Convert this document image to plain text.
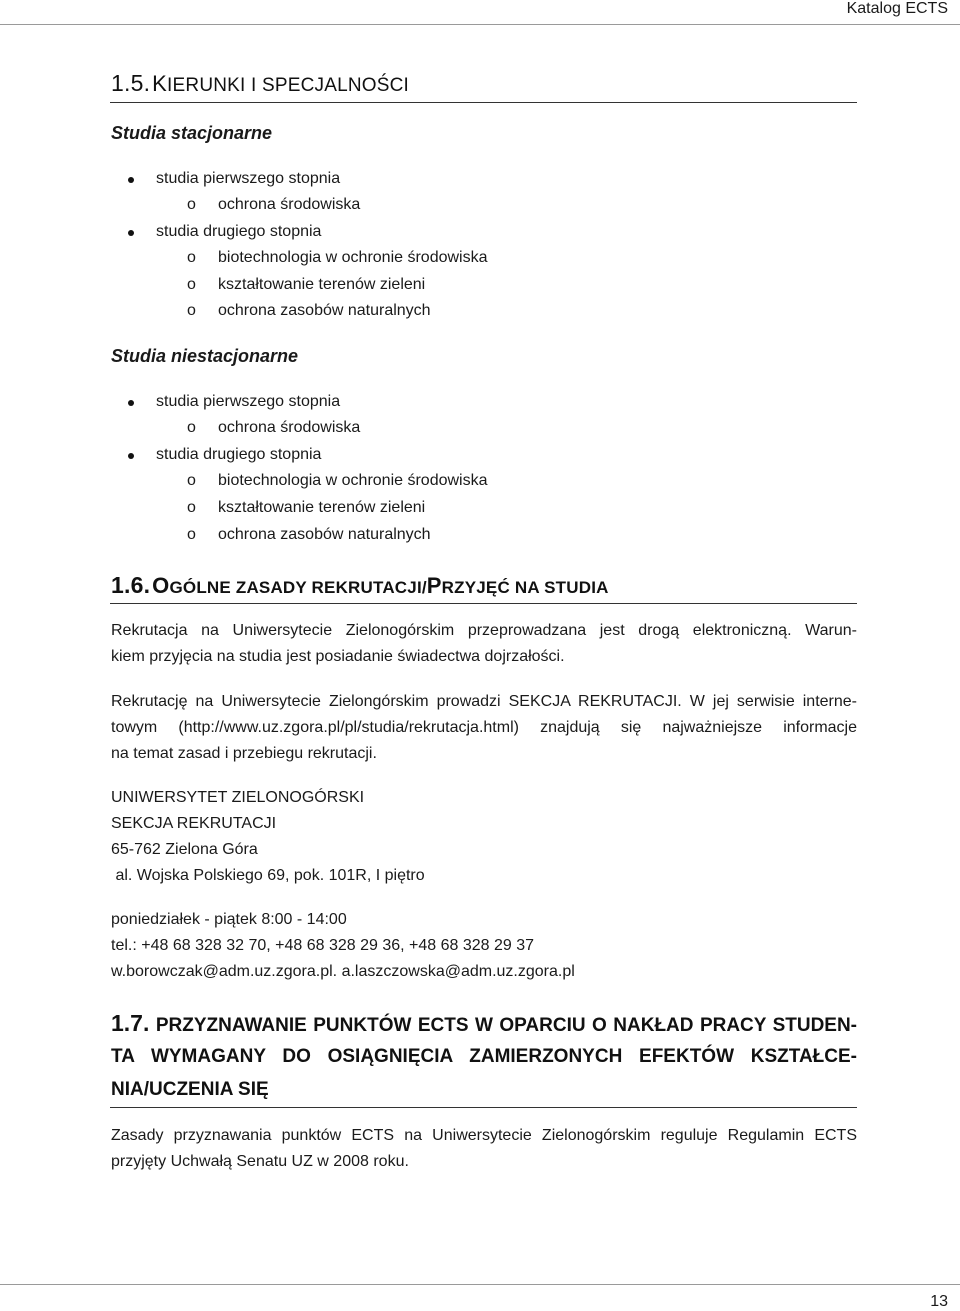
Katalog ECTS
1.5.KIERUNKI I SPECJALNOŚCI
Studia stacjonarne
studia pierwszego stopnia
o ochrona środowiska
studia drugiego stopnia
o biotechnologia w ochronie środowiska
o kształtowanie terenów zieleni
o ochrona zasobów naturalnych
Studia niestacjonarne
studia pierwszego stopnia
o ochrona środowiska
studia drugiego stopnia
o biotechnologia w ochronie środowiska
o kształtowanie terenów zieleni
o ochrona zasobów naturalnych
1.6.OGÓLNE ZASADY REKRUTACJI/PRZYJĘĆ NA STUDIA
Rekrutacja na Uniwersytecie Zielonogórskim przeprowadzana jest drogą elektroniczną. Warun-
kiem przyjęcia na studia jest posiadanie świadectwa dojrzałości.
Rekrutację na Uniwersytecie Zielongórskim prowadzi SEKCJA REKRUTACJI. W jej serwisie interne-
towym (http://www.uz.zgora.pl/pl/studia/rekrutacja.html) znajdują się najważniejsze informacje
na temat zasad i przebiegu rekrutacji.
UNIWERSYTET ZIELONOGÓRSKI
SEKCJA REKRUTACJI
65-762 Zielona Góra
al. Wojska Polskiego 69, pok. 101R, I piętro
poniedziałek - piątek 8:00 - 14:00
tel.: +48 68 328 32 70, +48 68 328 29 36, +48 68 328 29 37
w.borowczak@adm.uz.zgora.pl. a.laszczowska@adm.uz.zgora.pl
1.7. PRZYZNAWANIE PUNKTÓW ECTS W OPARCIU O NAKŁAD PRACY STUDEN-
TA WYMAGANY DO OSIĄGNIĘCIA ZAMIERZONYCH EFEKTÓW KSZTAŁCE-
NIA/UCZENIA SIĘ
Zasady przyznawania punktów ECTS na Uniwersytecie Zielonogórskim reguluje Regulamin ECTS
przyjęty Uchwałą Senatu UZ w 2008 roku.
13
